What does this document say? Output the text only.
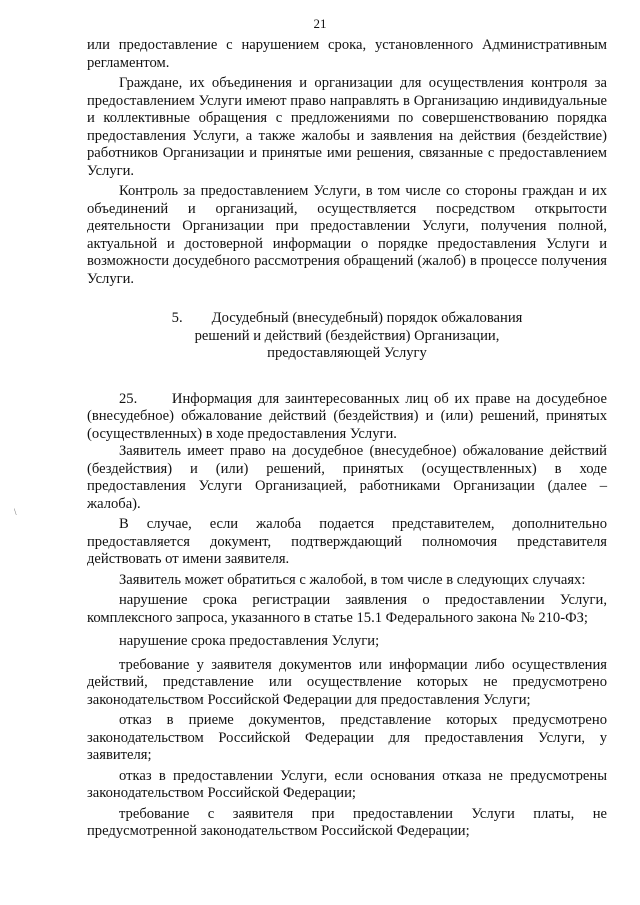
21

или предоставление с нарушением срока, установленного Административным регламентом.

Граждане, их объединения и организации для осуществления контроля за предоставлением Услуги имеют право направлять в Организацию индивидуальные и коллективные обращения с предложениями по совершенствованию порядка предоставления Услуги, а также жалобы и заявления на действия (бездействие) работников Организации и принятые ими решения, связанные с предоставлением Услуги.

Контроль за предоставлением Услуги, в том числе со стороны граждан и их объединений и организаций, осуществляется посредством открытости деятельности Организации при предоставлении Услуги, получения полной, актуальной и достоверной информации о порядке предоставления Услуги и возможности досудебного рассмотрения обращений (жалоб) в процессе получения Услуги.

5. Досудебный (внесудебный) порядок обжалования
решений и действий (бездействия) Организации,
предоставляющей Услугу

25.      Информация для заинтересованных лиц об их праве на досудебное (внесудебное) обжалование действий (бездействия) и (или) решений, принятых (осуществленных) в ходе предоставления Услуги.

Заявитель имеет право на досудебное (внесудебное) обжалование действий (бездействия) и (или) решений, принятых (осуществленных) в ходе предоставления Услуги Организацией, работниками Организации (далее – жалоба).

В случае, если жалоба подается представителем, дополнительно предоставляется документ, подтверждающий полномочия представителя действовать от имени заявителя.

Заявитель может обратиться с жалобой, в том числе в следующих случаях:

нарушение срока регистрации заявления о предоставлении Услуги, комплексного запроса, указанного в статье 15.1 Федерального закона № 210-ФЗ;

нарушение срока предоставления Услуги;

требование у заявителя документов или информации либо осуществления действий, представление или осуществление которых не предусмотрено законодательством Российской Федерации для предоставления Услуги;

отказ в приеме документов, представление которых предусмотрено законодательством Российской Федерации для предоставления Услуги, у заявителя;

отказ в предоставлении Услуги, если основания отказа не предусмотрены законодательством Российской Федерации;

требование с заявителя при предоставлении Услуги платы, не предусмотренной законодательством Российской Федерации;

\
